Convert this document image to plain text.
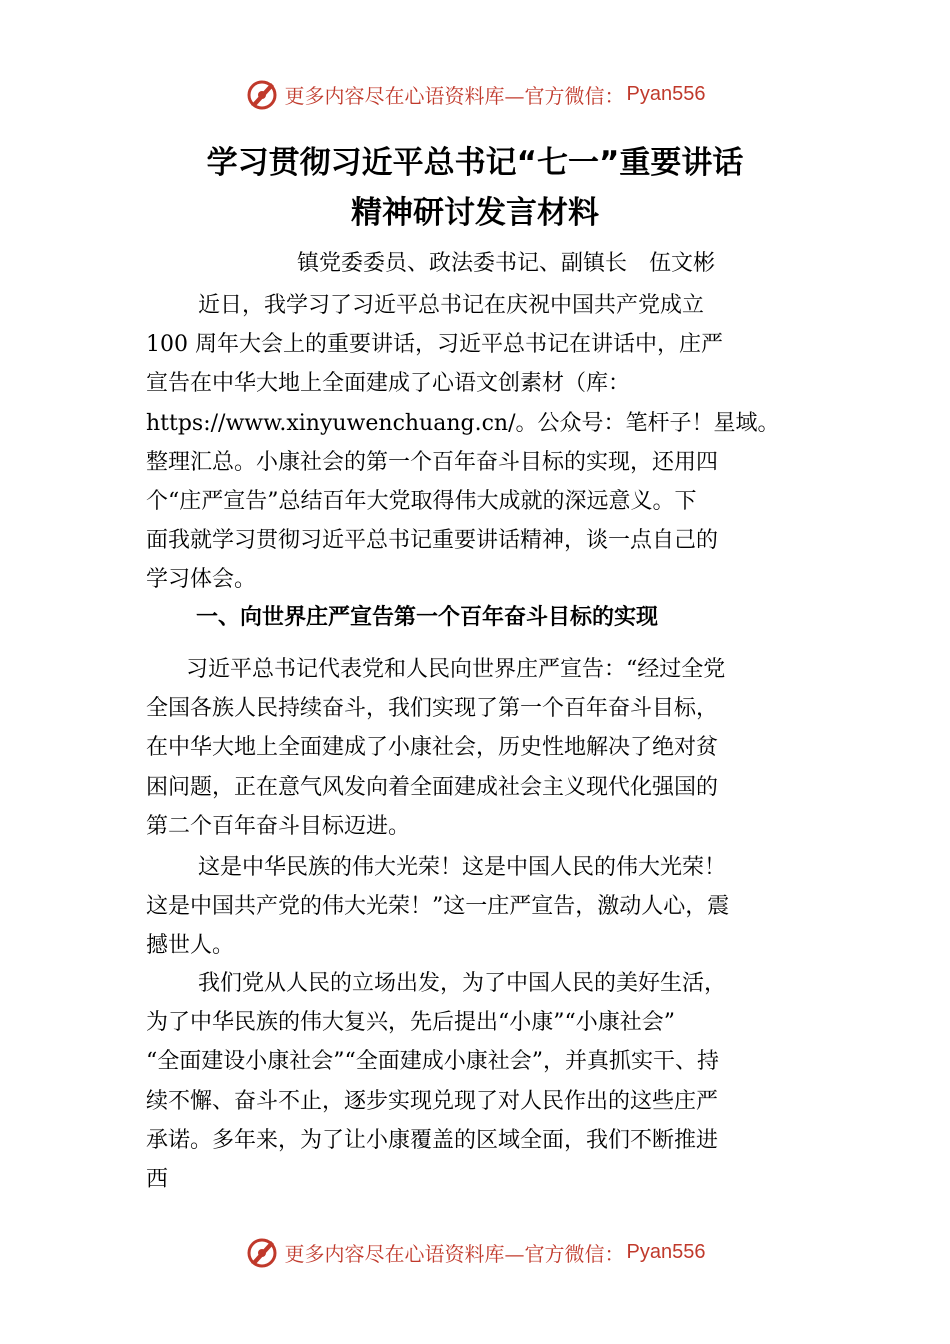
更多内容尽在心语资料库—官方微信： Pyan556
学习贯彻习近平总书记“七一”重要讲话
精神研讨发言材料
镇党委委员、政法委书记、副镇长　伍文彬

近日，我学习了习近平总书记在庆祝中国共产党成立
100 周年大会上的重要讲话，习近平总书记在讲话中，庄严
宣告在中华大地上全面建成了心语文创素材（库：
https://www.xinyuwenchuang.cn/。公众号：笔杆子！星域。
整理汇总。小康社会的第一个百年奋斗目标的实现，还用四
个“庄严宣告”总结百年大党取得伟大成就的深远意义。下
面我就学习贯彻习近平总书记重要讲话精神，谈一点自己的
学习体会。

一、向世界庄严宣告第一个百年奋斗目标的实现

习近平总书记代表党和人民向世界庄严宣告：“经过全党
全国各族人民持续奋斗，我们实现了第一个百年奋斗目标，
在中华大地上全面建成了小康社会，历史性地解决了绝对贫
困问题，正在意气风发向着全面建成社会主义现代化强国的
第二个百年奋斗目标迈进。

这是中华民族的伟大光荣！这是中国人民的伟大光荣！
这是中国共产党的伟大光荣！”这一庄严宣告，激动人心，震
撼世人。

我们党从人民的立场出发，为了中国人民的美好生活，
为了中华民族的伟大复兴，先后提出“小康”“小康社会”
“全面建设小康社会”“全面建成小康社会”，并真抓实干、持
续不懈、奋斗不止，逐步实现兑现了对人民作出的这些庄严
承诺。多年来，为了让小康覆盖的区域全面，我们不断推进
西

更多内容尽在心语资料库—官方微信： Pyan556
